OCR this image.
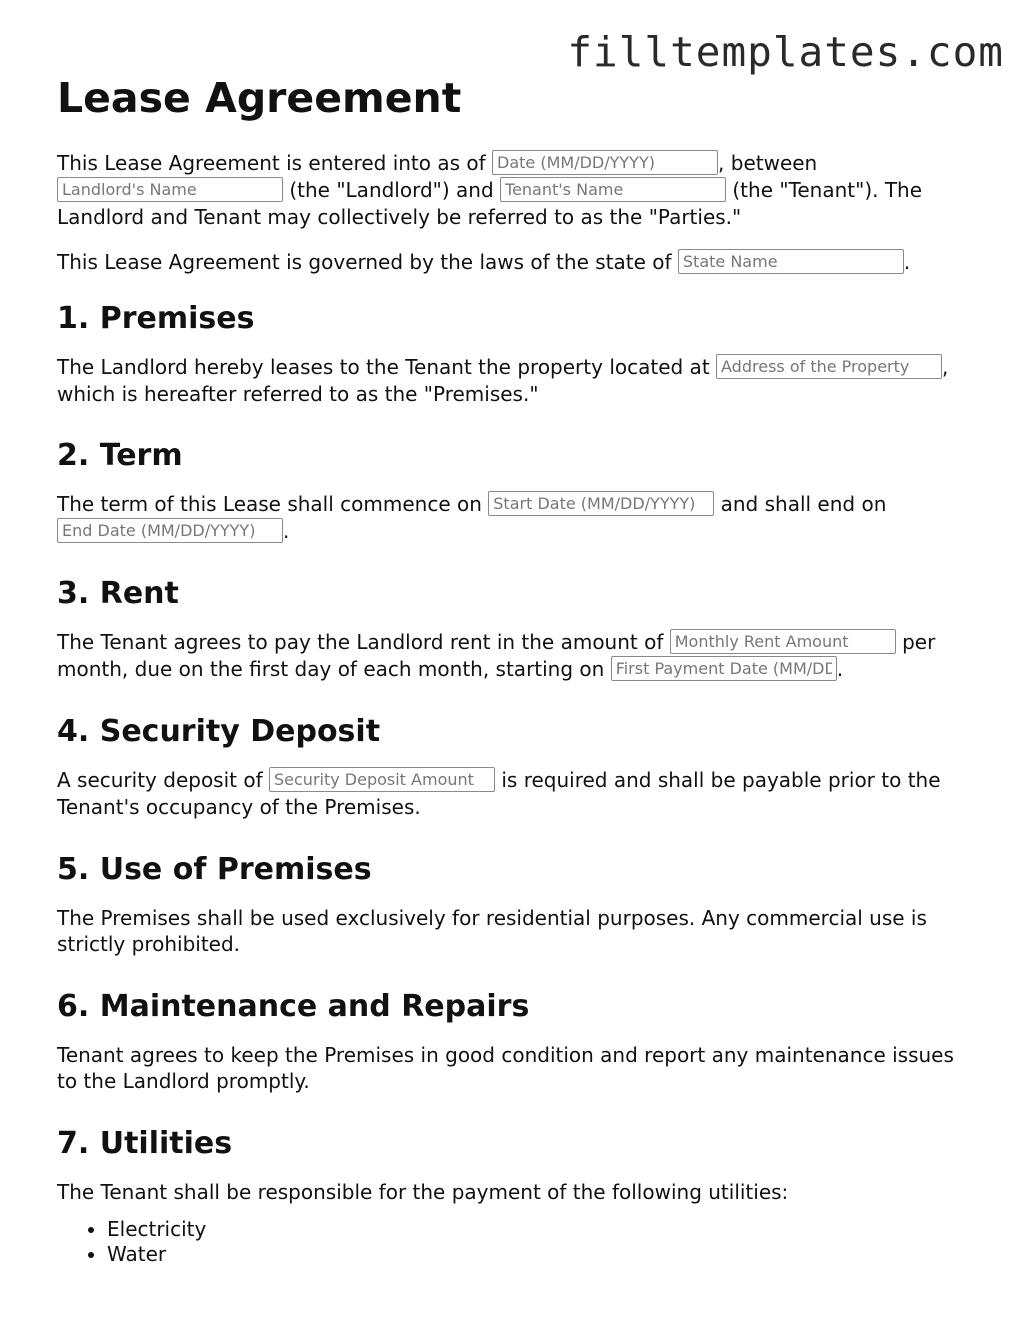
filltemplates.com
Lease Agreement

This Lease Agreement is entered into as of Date (MM/DD/YYYY)	, between Landlord's Name (the "Landlord") and Tenant's Name	(the "Tenant"). The Landlord and Tenant may collectively be referred to as the "Parties."

This Lease Agreement is governed by the laws of the state of State Name	.

1. Premises

The Landlord hereby leases to the Tenant the property located at Address of the Property	, which is hereafter referred to as the "Premises."

2. Term

The term of this Lease shall commence on Start Date (MM/DD/YYYY)	and shall end on End Date (MM/DD/YYYY).

3. Rent

The Tenant agrees to pay the Landlord rent in the amount of Monthly Rent Amount	per month, due on the first day of each month, starting on First Payment Date (MM/DD/YYYY)	.

4. Security Deposit

A security deposit of Security Deposit Amount	is required and shall be payable prior to the Tenant's occupancy of the Premises.

5. Use of Premises

The Premises shall be used exclusively for residential purposes. Any commercial use is strictly prohibited.

6. Maintenance and Repairs

Tenant agrees to keep the Premises in good condition and report any maintenance issues to the Landlord promptly.

7. Utilities

The Tenant shall be responsible for the payment of the following utilities:

• Electricity
• Water
